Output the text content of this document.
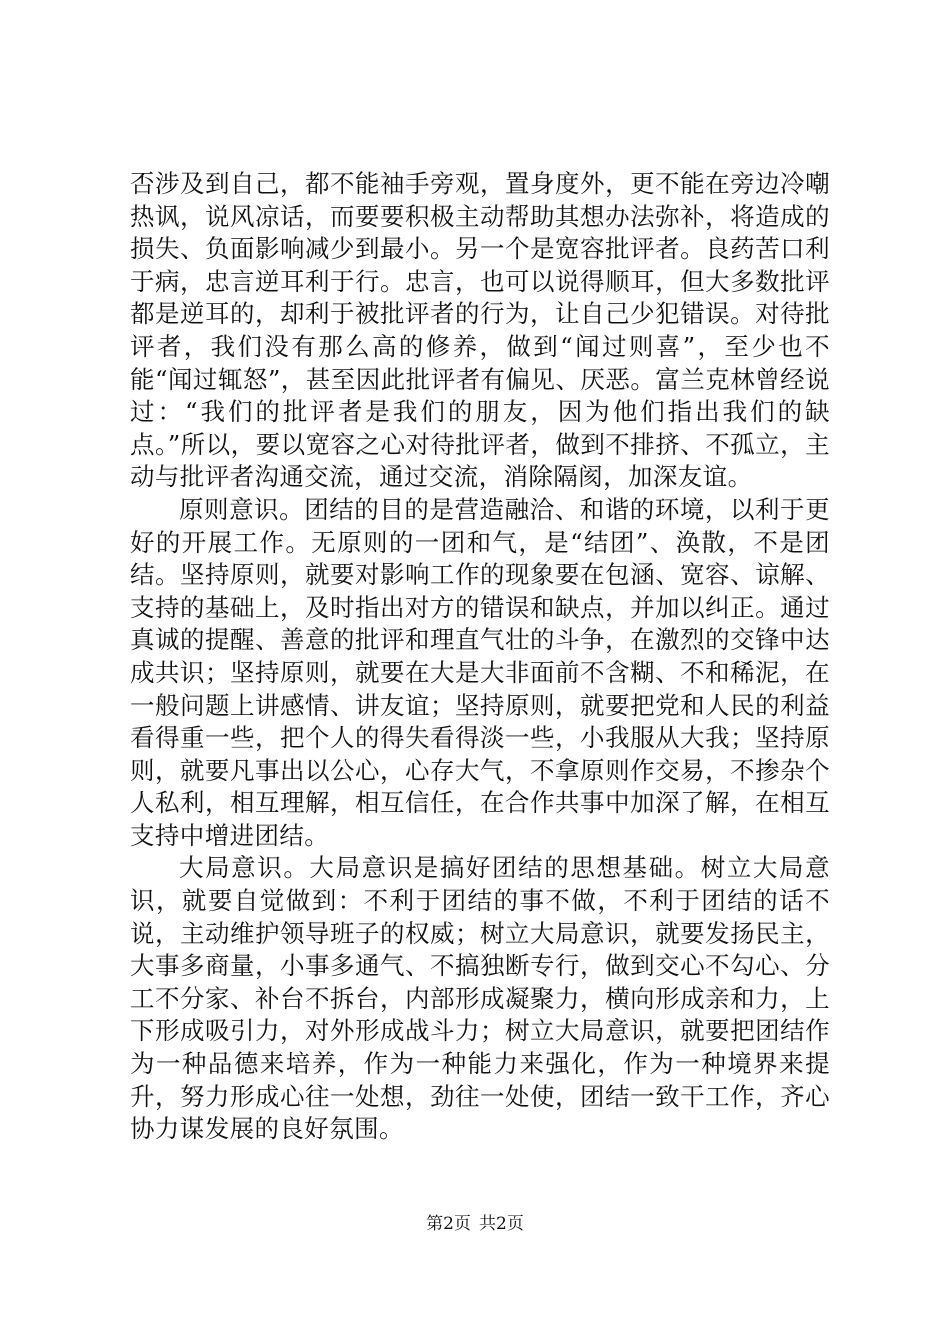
否涉及到自己，都不能袖手旁观，置身度外，更不能在旁边冷嘲热讽，说风凉话，而要要积极主动帮助其想办法弥补，将造成的损失、负面影响减少到最小。另一个是宽容批评者。良药苦口利于病，忠言逆耳利于行。忠言，也可以说得顺耳，但大多数批评都是逆耳的，却利于被批评者的行为，让自己少犯错误。对待批评者，我们没有那么高的修养，做到“闻过则喜”，至少也不能“闻过辄怒”，甚至因此批评者有偏见、厌恶。富兰克林曾经说过：“我们的批评者是我们的朋友，因为他们指出我们的缺点。”所以，要以宽容之心对待批评者，做到不排挤、不孤立，主动与批评者沟通交流，通过交流，消除隔阂，加深友谊。

原则意识。团结的目的是营造融洽、和谐的环境，以利于更好的开展工作。无原则的一团和气，是“结团”、涣散，不是团结。坚持原则，就要对影响工作的现象要在包涵、宽容、谅解、支持的基础上，及时指出对方的错误和缺点，并加以纠正。通过真诚的提醒、善意的批评和理直气壮的斗争，在激烈的交锋中达成共识；坚持原则，就要在大是大非面前不含糊、不和稀泥，在一般问题上讲感情、讲友谊；坚持原则，就要把党和人民的利益看得重一些，把个人的得失看得淡一些，小我服从大我；坚持原则，就要凡事出以公心，心存大气，不拿原则作交易，不掺杂个人私利，相互理解，相互信任，在合作共事中加深了解，在相互支持中增进团结。

大局意识。大局意识是搞好团结的思想基础。树立大局意识，就要自觉做到：不利于团结的事不做，不利于团结的话不说，主动维护领导班子的权威；树立大局意识，就要发扬民主，大事多商量，小事多通气、不搞独断专行，做到交心不勾心、分工不分家、补台不拆台，内部形成凝聚力，横向形成亲和力，上下形成吸引力，对外形成战斗力；树立大局意识，就要把团结作为一种品德来培养，作为一种能力来强化，作为一种境界来提升，努力形成心往一处想，劲往一处使，团结一致干工作，齐心协力谋发展的良好氛围。

第2页 共2页
